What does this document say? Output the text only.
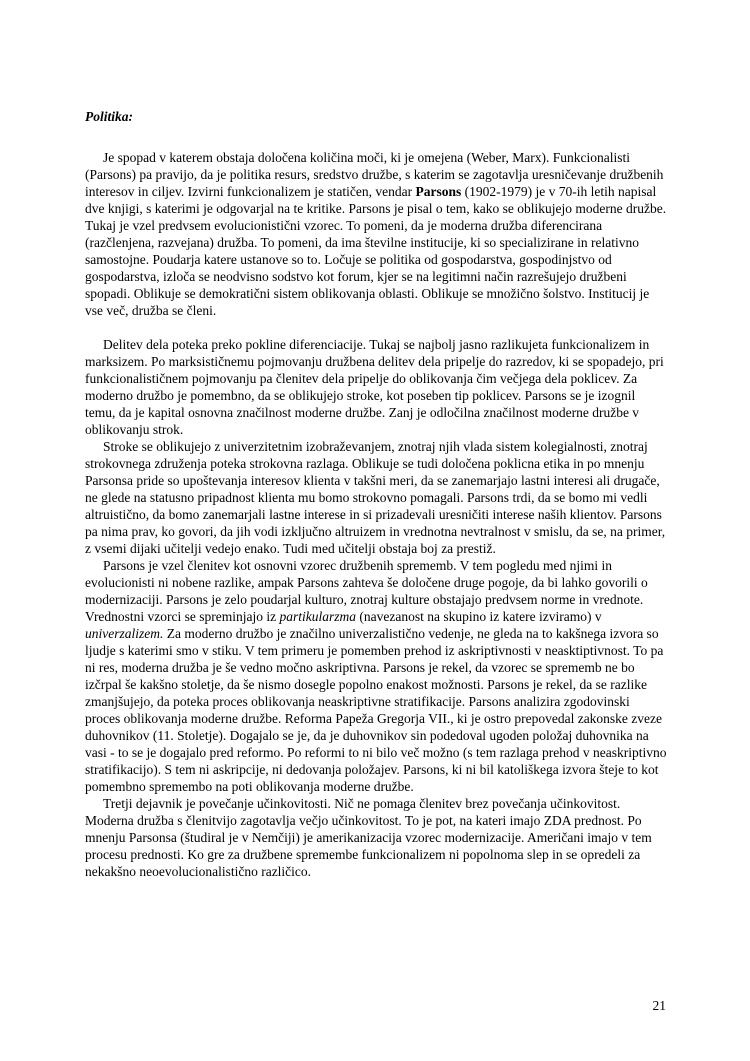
Politika:

Je spopad v katerem obstaja določena količina moči, ki je omejena (Weber, Marx). Funkcionalisti (Parsons) pa pravijo, da je politika resurs, sredstvo družbe, s katerim se zagotavlja uresničevanje družbenih interesov in ciljev. Izvirni funkcionalizem je statičen, vendar Parsons (1902-1979) je v 70-ih letih napisal dve knjigi, s katerimi je odgovarjal na te kritike. Parsons je pisal o tem, kako se oblikujejo moderne družbe. Tukaj je vzel predvsem evolucionistični vzorec. To pomeni, da je moderna družba diferencirana (razčlenjena, razvejana) družba. To pomeni, da ima številne institucije, ki so specializirane in relativno samostojne. Poudarja katere ustanove so to. Ločuje se politika od gospodarstva, gospodinjstvo od gospodarstva, izloča se neodvisno sodstvo kot forum, kjer se na legitimni način razrešujejo družbeni spopadi. Oblikuje se demokratični sistem oblikovanja oblasti. Oblikuje se množično šolstvo. Institucij je vse več, družba se členi.

Delitev dela poteka preko pokline diferenciacije. Tukaj se najbolj jasno razlikujeta funkcionalizem in marksizem. Po marksističnemu pojmovanju družbena delitev dela pripelje do razredov, ki se spopadejo, pri funkcionalističnem pojmovanju pa členitev dela pripelje do oblikovanja čim večjega dela poklicev. Za moderno družbo je pomembno, da se oblikujejo stroke, kot poseben tip poklicev. Parsons se je izognil temu, da je kapital osnovna značilnost moderne družbe. Zanj je odločilna značilnost moderne družbe v oblikovanju strok.

Stroke se oblikujejo z univerzitetnim izobraževanjem, znotraj njih vlada sistem kolegialnosti, znotraj strokovnega združenja poteka strokovna razlaga. Oblikuje se tudi določena poklicna etika in po mnenju Parsonsa pride so upoštevanja interesov klienta v takšni meri, da se zanemarjajo lastni interesi ali drugače, ne glede na statusno pripadnost klienta mu bomo strokovno pomagali. Parsons trdi, da se bomo mi vedli altruistično, da bomo zanemarjali lastne interese in si prizadevali uresničiti interese naših klientov. Parsons pa nima prav, ko govori, da jih vodi izključno altruizem in vrednotna nevtralnost v smislu, da se, na primer, z vsemi dijaki učitelji vedejo enako. Tudi med učitelji obstaja boj za prestiž.

Parsons je vzel členitev kot osnovni vzorec družbenih sprememb. V tem pogledu med njimi in evolucionisti ni nobene razlike, ampak Parsons zahteva še določene druge pogoje, da bi lahko govorili o modernizaciji. Parsons je zelo poudarjal kulturo, znotraj kulture obstajajo predvsem norme in vrednote. Vrednostni vzorci se spreminjajo iz partikularzma (navezanost na skupino iz katere izviramo) v univerzalizem. Za moderno družbo je značilno univerzalistično vedenje, ne gleda na to kakšnega izvora so ljudje s katerimi smo v stiku. V tem primeru je pomemben prehod iz askriptivnosti v neasktiptivnost. To pa ni res, moderna družba je še vedno močno askriptivna. Parsons je rekel, da vzorec se sprememb ne bo izčrpal še kakšno stoletje, da še nismo dosegle popolno enakost možnosti. Parsons je rekel, da se razlike zmanjšujejo, da poteka proces oblikovanja neaskriptivne stratifikacije. Parsons analizira zgodovinski proces oblikovanja moderne družbe. Reforma Papeža Gregorja VII., ki je ostro prepovedal zakonske zveze duhovnikov (11. Stoletje). Dogajalo se je, da je duhovnikov sin podedoval ugoden položaj duhovnika na vasi - to se je dogajalo pred reformo. Po reformi to ni bilo več možno (s tem razlaga prehod v neaskriptivno stratifikacijo). S tem ni askripcije, ni dedovanja položajev. Parsons, ki ni bil katoliškega izvora šteje to kot pomembno spremembo na poti oblikovanja moderne družbe.

Tretji dejavnik je povečanje učinkovitosti. Nič ne pomaga členitev brez povečanja učinkovitost. Moderna družba s členitvijo zagotavlja večjo učinkovitost. To je pot, na kateri imajo ZDA prednost. Po mnenju Parsonsa (študiral je v Nemčiji) je amerikanizacija vzorec modernizacije. Američani imajo v tem procesu prednosti. Ko gre za družbene spremembe funkcionalizem ni popolnoma slep in se opredeli za nekakšno neoevolucionalistično različico.

21
